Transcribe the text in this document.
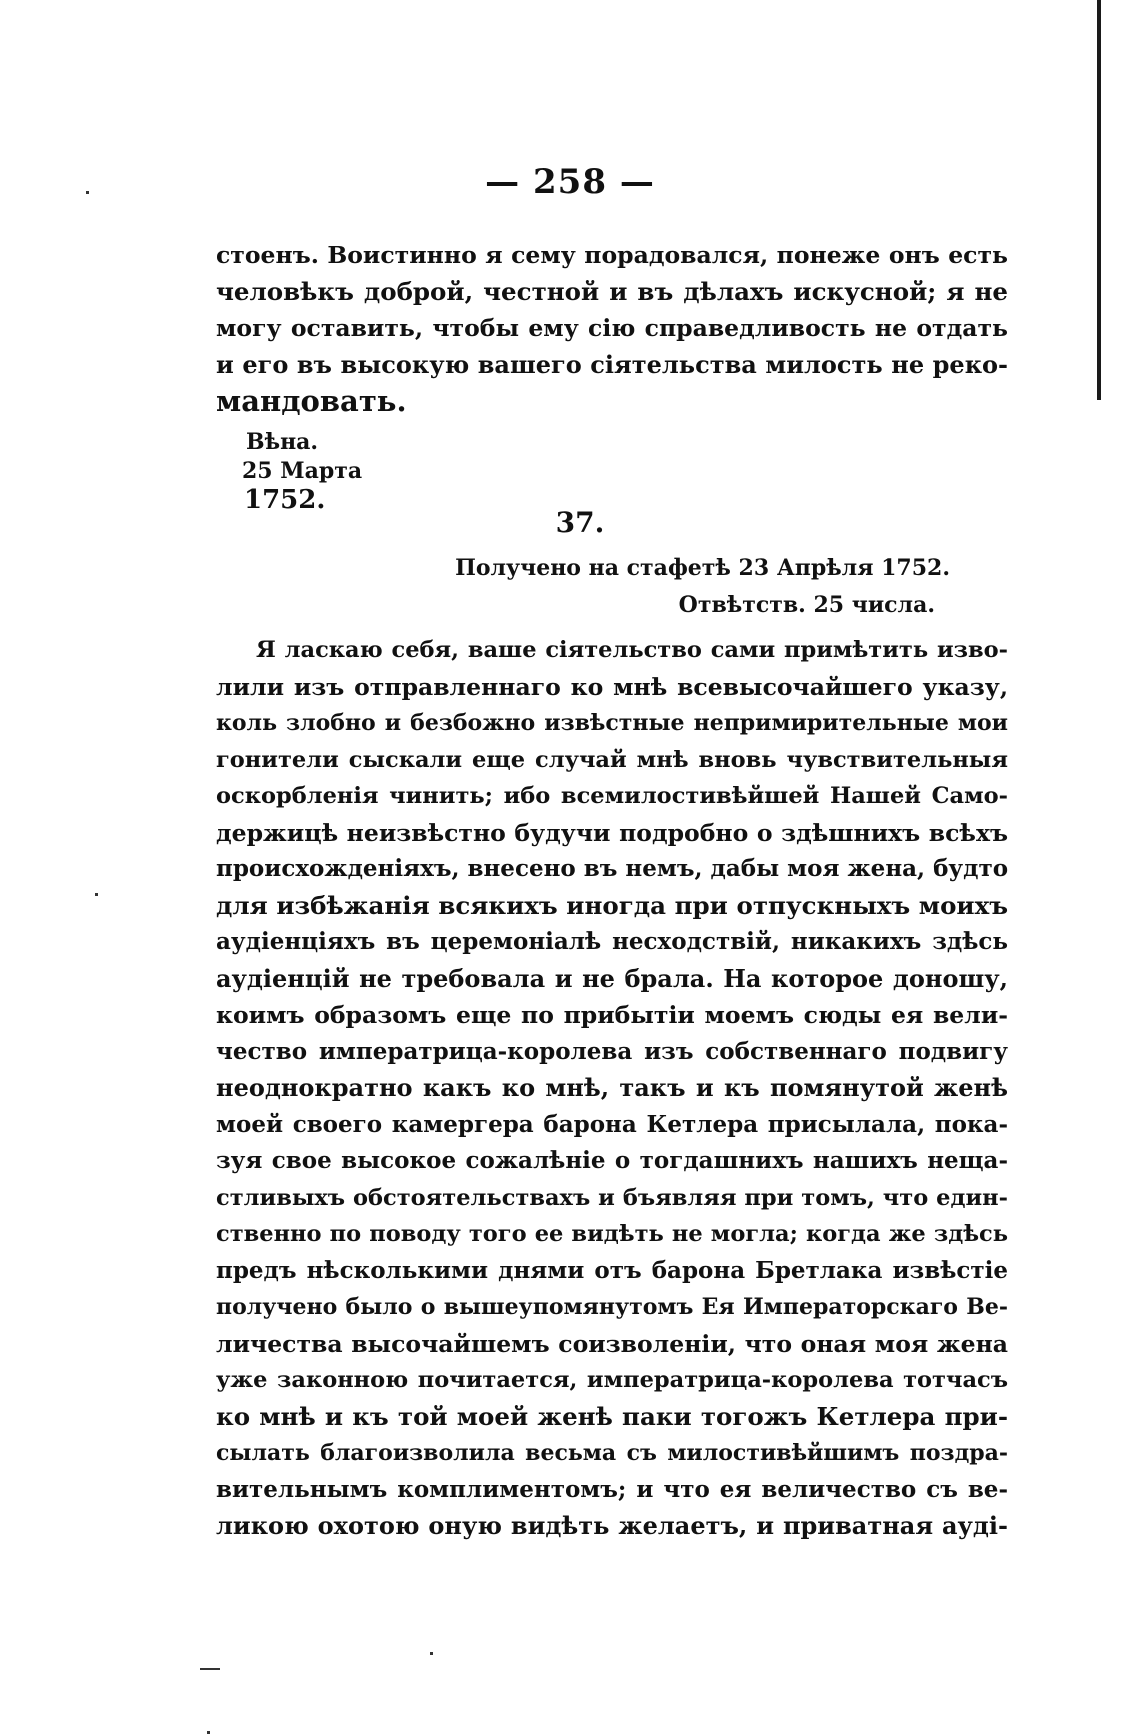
— 258 —
стоенъ. Воистинно я сему порадовался, понеже онъ есть
человѣкъ доброй, честной и въ дѣлахъ искусной; я не
могу оставить, чтобы ему сію справедливость не отдать
и его въ высокую вашего сіятельства милость не реко-
мандовать.
Вѣна.
25 Марта
1752.
37.
Получено на стафетѣ 23 Апрѣля 1752.
Отвѣтств. 25 числа.
Я ласкаю себя, ваше сіятельство сами примѣтить изво-
лили изъ отправленнаго ко мнѣ всевысочайшего указу,
коль злобно и безбожно извѣстные непримирительные мои
гонители сыскали еще случай мнѣ вновь чувствительныя
оскорбленія чинить; ибо всемилостивѣйшей Нашей Само-
держицѣ неизвѣстно будучи подробно о здѣшнихъ всѣхъ
происхожденіяхъ, внесено въ немъ, дабы моя жена, будто
для избѣжанія всякихъ иногда при отпускныхъ моихъ
аудіенціяхъ въ церемоніалѣ несходствій, никакихъ здѣсь
аудіенцій не требовала и не брала. На которое доношу,
коимъ образомъ еще по прибытіи моемъ сюды ея вели-
чество императрица-королева изъ собственнаго подвигу
неоднократно какъ ко мнѣ, такъ и къ помянутой женѣ
моей своего камергера барона Кетлера присылала, пока-
зуя свое высокое сожалѣніе о тогдашнихъ нашихъ неща-
стливыхъ обстоятельствахъ и бъявляя при томъ, что един-
ственно по поводу того ее видѣть не могла; когда же здѣсь
предъ нѣсколькими днями отъ барона Бретлака извѣстіе
получено было о вышеупомянутомъ Ея Императорскаго Ве-
личества высочайшемъ соизволеніи, что оная моя жена
уже законною почитается, императрица-королева тотчасъ
ко мнѣ и къ той моей женѣ паки тогожъ Кетлера при-
сылать благоизволила весьма съ милостивѣйшимъ поздра-
вительнымъ комплиментомъ; и что ея величество съ ве-
ликою охотою оную видѣть желаетъ, и приватная аудi-
